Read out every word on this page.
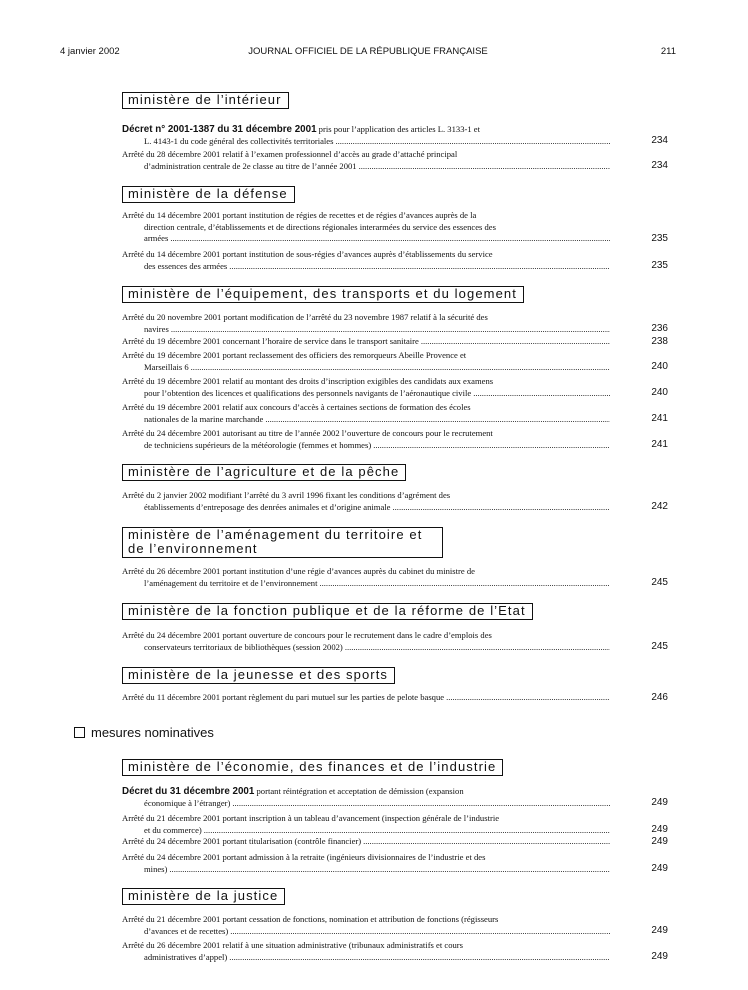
4 janvier 2002	JOURNAL OFFICIEL DE LA RÉPUBLIQUE FRANÇAISE	211
mesures nominatives
ministère de l’intérieur
Décret n° 2001-1387 du 31 décembre 2001 pris pour l’application des articles L. 3133-1 et
L. 4143-1 du code général des collectivités territoriales .....	234
Arrêté du 28 décembre 2001 relatif à l’examen professionnel d’accès au grade d’attaché principal
d’administration centrale de 2e classe au titre de l’année 2001 .....	234
ministère de la défense
Arrêté du 14 décembre 2001 portant institution de régies de recettes et de régies d’avances auprès de la
direction centrale, d’établissements et de directions régionales interarmées du service des essences des
armées .....	235
Arrêté du 14 décembre 2001 portant institution de sous-régies d’avances auprès d’établissements du service
des essences des armées .....	235
ministère de l’équipement, des transports et du logement
Arrêté du 20 novembre 2001 portant modification de l’arrêté du 23 novembre 1987 relatif à la sécurité des
navires .....	236
Arrêté du 19 décembre 2001 concernant l’horaire de service dans le transport sanitaire .....	238
Arrêté du 19 décembre 2001 portant reclassement des officiers des remorqueurs Abeille Provence et
Marseillais 6 .....	240
Arrêté du 19 décembre 2001 relatif au montant des droits d’inscription exigibles des candidats aux examens
pour l’obtention des licences et qualifications des personnels navigants de l’aéronautique civile .....	240
Arrêté du 19 décembre 2001 relatif aux concours d’accès à certaines sections de formation des écoles
nationales de la marine marchande .....	241
Arrêté du 24 décembre 2001 autorisant au titre de l’année 2002 l’ouverture de concours pour le recrutement
de techniciens supérieurs de la météorologie (femmes et hommes) .....	241
ministère de l’agriculture et de la pêche
Arrêté du 2 janvier 2002 modifiant l’arrêté du 3 avril 1996 fixant les conditions d’agrément des
établissements d’entreposage des denrées animales et d’origine animale .....	242
ministère de l’aménagement du territoire et de l’environnement
Arrêté du 26 décembre 2001 portant institution d’une régie d’avances auprès du cabinet du ministre de
l’aménagement du territoire et de l’environnement .....	245
ministère de la fonction publique et de la réforme de l’Etat
Arrêté du 24 décembre 2001 portant ouverture de concours pour le recrutement dans le cadre d’emplois des
conservateurs territoriaux de bibliothèques (session 2002) .....	245
ministère de la jeunesse et des sports
Arrêté du 11 décembre 2001 portant règlement du pari mutuel sur les parties de pelote basque .....	246
ministère de l’économie, des finances et de l’industrie
Décret du 31 décembre 2001 portant réintégration et acceptation de démission (expansion
économique à l’étranger) .....	249
Arrêté du 21 décembre 2001 portant inscription à un tableau d’avancement (inspection générale de l’industrie
et du commerce) .....	249
Arrêté du 24 décembre 2001 portant titularisation (contrôle financier) .....	249
Arrêté du 24 décembre 2001 portant admission à la retraite (ingénieurs divisionnaires de l’industrie et des
mines) .....	249
ministère de la justice
Arrêté du 21 décembre 2001 portant cessation de fonctions, nomination et attribution de fonctions (régisseurs
d’avances et de recettes) .....	249
Arrêté du 26 décembre 2001 relatif à une situation administrative (tribunaux administratifs et cours
administratives d’appel) .....	249
